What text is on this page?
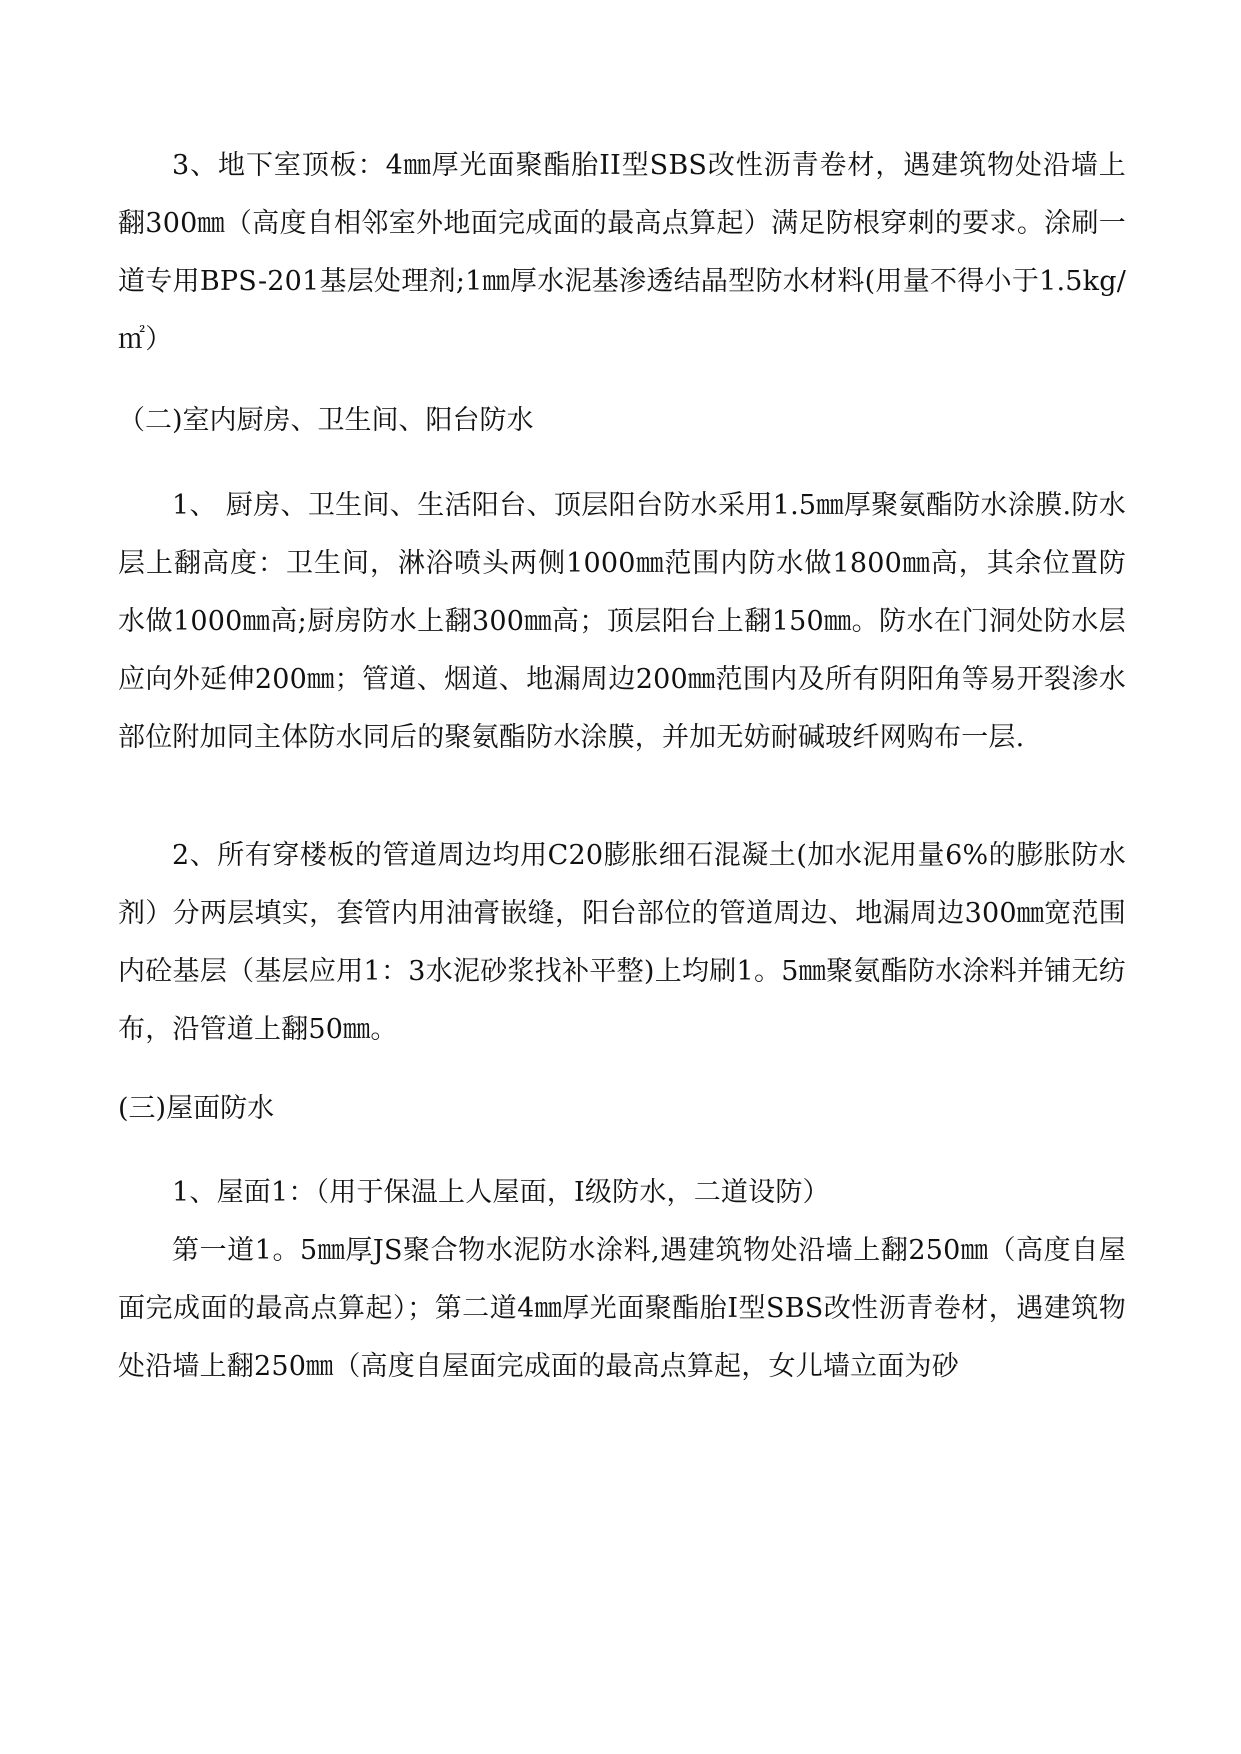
3、地下室顶板：4㎜厚光面聚酯胎II型SBS改性沥青卷材，遇建筑物处沿墙上翻300㎜（高度自相邻室外地面完成面的最高点算起）满足防根穿刺的要求。涂刷一道专用BPS-201基层处理剂;1㎜厚水泥基渗透结晶型防水材料(用量不得小于1.5kg/㎡）

（二)室内厨房、卫生间、阳台防水

1、 厨房、卫生间、生活阳台、顶层阳台防水采用1.5㎜厚聚氨酯防水涂膜.防水层上翻高度：卫生间，淋浴喷头两侧1000㎜范围内防水做1800㎜高，其余位置防水做1000㎜高;厨房防水上翻300㎜高；顶层阳台上翻150㎜。防水在门洞处防水层应向外延伸200㎜；管道、烟道、地漏周边200㎜范围内及所有阴阳角等易开裂渗水部位附加同主体防水同后的聚氨酯防水涂膜，并加无妨耐碱玻纤网购布一层.

2、所有穿楼板的管道周边均用C20膨胀细石混凝土(加水泥用量6%的膨胀防水剂）分两层填实，套管内用油膏嵌缝，阳台部位的管道周边、地漏周边300㎜宽范围内砼基层（基层应用1：3水泥砂浆找补平整)上均刷1。5㎜聚氨酯防水涂料并铺无纺布，沿管道上翻50㎜。

(三)屋面防水

1、屋面1：（用于保温上人屋面，I级防水，二道设防）

第一道1。5㎜厚JS聚合物水泥防水涂料,遇建筑物处沿墙上翻250㎜（高度自屋面完成面的最高点算起）；第二道4㎜厚光面聚酯胎I型SBS改性沥青卷材，遇建筑物处沿墙上翻250㎜（高度自屋面完成面的最高点算起，女儿墙立面为砂
